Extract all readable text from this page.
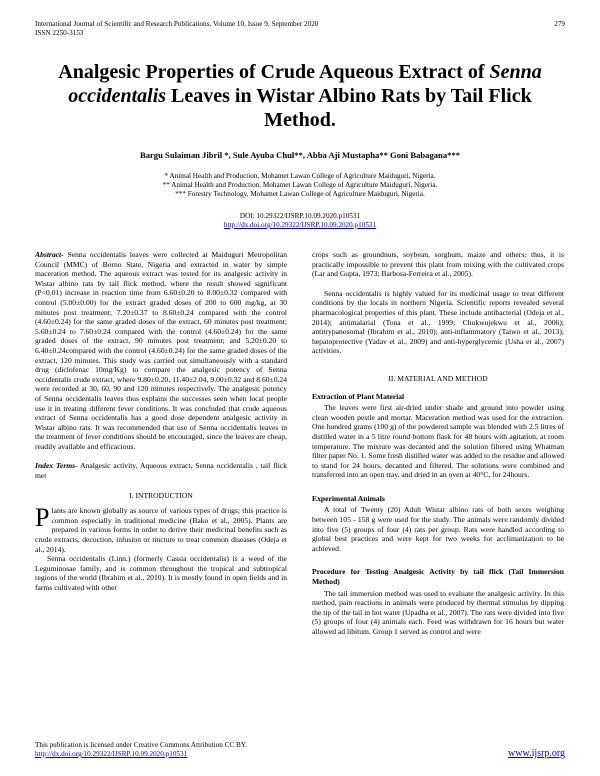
International Journal of Scientific and Research Publications, Volume 10, Issue 9, September 2020
ISSN 2250-3153
279
Analgesic Properties of Crude Aqueous Extract of Senna occidentalis Leaves in Wistar Albino Rats by Tail Flick Method.
Bargu Sulaiman Jibril *, Sule Ayuba Chul**, Abba Aji Mustapha** Goni Babagana***
* Animal Health and Production, Mohamet Lawan College of Agriculture Maiduguri, Nigeria.
** Animal Health and Production, Mohamet Lawan College of Agriculture Maiduguri, Nigeria.
*** Forestry Technology, Mohamet Lawan College of Agriculture Maiduguri, Nigeria.
DOI: 10.29322/IJSRP.10.09.2020.p10531
http://dx.doi.org/10.29322/IJSRP.10.09.2020.p10531

Abstract- Senna occidentalis leaves were collected at Maiduguri Metropolitan Council (MMC) of Borno State, Nigeria and extracted in water by simple maceration method. The aqueous extract was tested for its analgesic activity in Wistar albino rats by tail flick method, where the result showed significant (P<0.01) increase in reaction time from 6.60±0.20 to 8.00±0.32 compared with control (5.00±0.00) for the extract graded doses of 200 to 600 mg/kg, at 30 minutes post treatment; 7.20±0.37 to 8.60±0.24 compared with the control (4.60±0.24) for the same graded doses of the extract, 60 minutes post treatment; 5.60±0.24 to 7.60±0.24 compared with the control (4.60±0.24) for the same graded doses of the extract, 90 minutes post treatment; and 5.20±0.20 to 6.40±0.24compared with the control (4.60±0.24) for the same graded doses of the extract, 120 minutes. This study was carried out simultaneously with a standard drug (diclofenac 10mg/Kg) to compare the analgesic potency of Senna occidentalis crude extract, where 9.80±0.20, 11.40±2.04, 9.00±0.32 and 8.60±0.24 were recorded at 30, 60, 90 and 120 minutes respectively. The analgesic potency of Senna occidentalis leaves thus explains the successes seen when local people use it in treating different fever conditions. It was concluded that crude aqueous extract of Senna occidentalis has a good dose dependent analgesic activity in Wistar albino rats. It was recommended that use of Senna occidentalis leaves in the treatment of fever conditions should be encouraged, since the leaves are cheap, readily available and efficacious.

Index Terms- Analgesic activity, Aqueous extract, Senna occidentalis , tail flick met

I. INTRODUCTION

Plants are known globally as source of various types of drugs; this practice is common especially in traditional medicine (Bako et al., 2005). Plants are prepared in various forms in order to derive their medicinal benefits such as crude extracts, decoction, infusion or tincture to treat common diseases (Odeja et al., 2014).

Senna occidentalis (Linn.) (formerly Cassia occidentalis) is a weed of the Leguminosae family, and is common throughout the tropical and subtropical regions of the world (Ibrahim et al., 2010). It is mostly found in open fields and in farms cultivated with other

crops such as groundnuts, soybean, sorghum, maize and others; thus, it is practically impossible to prevent this plant from mixing with the cultivated crops (Lar and Gupta, 1973; Barbosa-Ferreira et al., 2005).

Senna occidentalis is highly valued for its medicinal usage to treat different conditions by the locals in northern Nigeria. Scientific reports revealed several pharmacological properties of this plant. These include antibacterial (Odeja et al., 2014); antimalarial (Tona et al., 1999; Chukwujekwu et al., 2006); antitrypanosomal (Ibrahim et al., 2010); anti-inflammatory (Taiwo et al., 2013); hepatoprotective (Yadav et al., 2009) and anti-hyperglycemic (Usha et al., 2007) activities.

II. MATERIAL AND METHOD
Extraction of Plant Material

The leaves were first air-dried under shade and ground into powder using clean wooden pestle and mortar. Maceration method was used for the extraction. One hundred grams (100 g) of the powdered sample was blended with 2.5 litres of distilled water in a 5 litre round bottom flask for 48 hours with agitation, at room temperature. The mixture was decanted and the solution filtered using Whatman filter paper No. 1. Some fresh distilled water was added to the residue and allowed to stand for 24 hours, decanted and filtered. The solutions were combined and transferred into an open tray, and dried in an oven at 40°C, for 24hours.

Experimental Animals

A total of Twenty (20) Adult Wistar albino rats of both sexes weighing between 105 - 158 g were used for the study. The animals were randomly divided into five (5) groups of four (4) rats per group. Rats were handled according to global best practices and were kept for two weeks for acclimatization to be achieved.

Procedure for Testing Analgesic Activity by tail flick (Tail Immersion Method)

The tail immersion method was used to evaluate the analgesic activity. In this method, pain reactions in animals were produced by thermal stimulus by dipping the tip of the tail in hot water (Upadha et al., 2007). The rats were divided into five (5) groups of four (4) animals each. Feed was withdrawn for 16 hours but water allowed ad libitum. Group 1 served as control and were

This publication is licensed under Creative Commons Attribution CC BY.
http://dx.doi.org/10.29322/IJSRP.10.09.2020.p10531	www.ijsrp.org
